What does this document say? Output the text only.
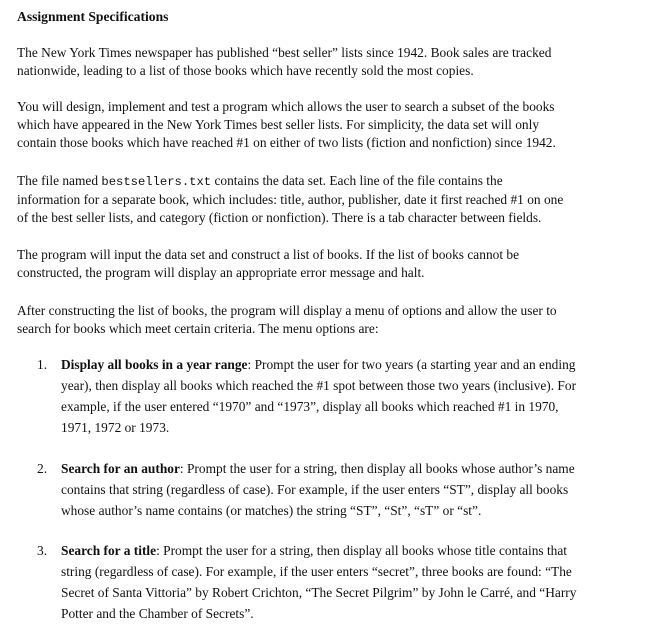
Assignment Specifications

The New York Times newspaper has published “best seller” lists since 1942. Book sales are tracked
nationwide, leading to a list of those books which have recently sold the most copies.

You will design, implement and test a program which allows the user to search a subset of the books
which have appeared in the New York Times best seller lists. For simplicity, the data set will only
contain those books which have reached #1 on either of two lists (fiction and nonfiction) since 1942.

The file named bestsellers.txt contains the data set. Each line of the file contains the
information for a separate book, which includes: title, author, publisher, date it first reached #1 on one
of the best seller lists, and category (fiction or nonfiction). There is a tab character between fields.

The program will input the data set and construct a list of books. If the list of books cannot be
constructed, the program will display an appropriate error message and halt.

After constructing the list of books, the program will display a menu of options and allow the user to
search for books which meet certain criteria. The menu options are:

1. Display all books in a year range: Prompt the user for two years (a starting year and an ending
year), then display all books which reached the #1 spot between those two years (inclusive). For
example, if the user entered “1970” and “1973”, display all books which reached #1 in 1970,
1971, 1972 or 1973.
2. Search for an author: Prompt the user for a string, then display all books whose author’s name
contains that string (regardless of case). For example, if the user enters “ST”, display all books
whose author’s name contains (or matches) the string “ST”, “St”, “sT” or “st”.
3. Search for a title: Prompt the user for a string, then display all books whose title contains that
string (regardless of case). For example, if the user enters “secret”, three books are found: “The
Secret of Santa Vittoria” by Robert Crichton, “The Secret Pilgrim” by John le Carré, and “Harry
Potter and the Chamber of Secrets”.
